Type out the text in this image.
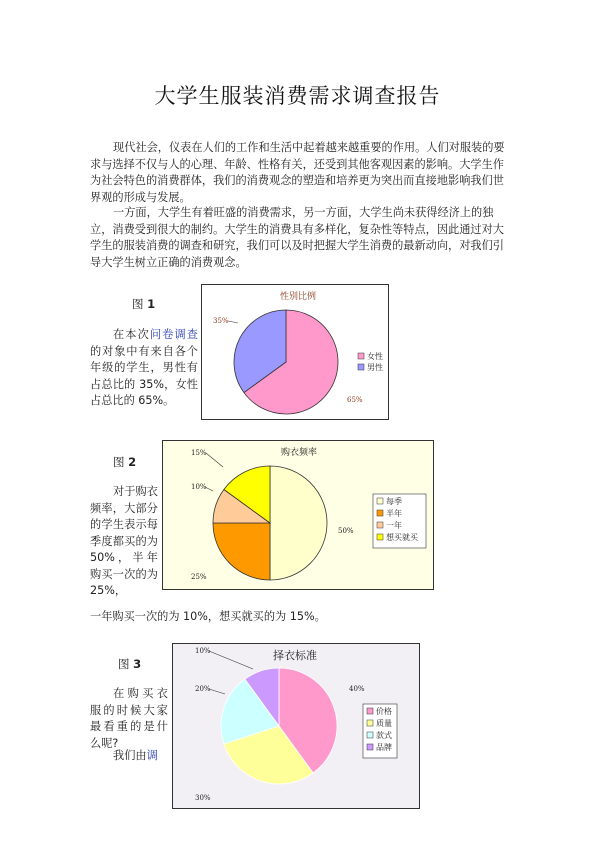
大学生服装消费需求调查报告

现代社会，仪表在人们的工作和生活中起着越来越重要的作用。人们对服装的要求与选择不仅与人的心理、年龄、性格有关，还受到其他客观因素的影响。大学生作为社会特色的消费群体，我们的消费观念的塑造和培养更为突出而直接地影响我们世界观的形成与发展。

一方面，大学生有着旺盛的消费需求，另一方面，大学生尚未获得经济上的独立，消费受到很大的制约。大学生的消费具有多样化，复杂性等特点，因此通过对大学生的服装消费的调查和研究，我们可以及时把握大学生消费的最新动向，对我们引导大学生树立正确的消费观念。

图 1

在本次问卷调查的对象中有来自各个年级的学生，男性有占总比的 35%，女性占总比的 65%。

性别比例
65%
35%
女性
男性
图 2

对于购衣频率，大部分的学生表示每季度都买的为 50%，半年购买一次的为 25%，

购衣频率
50%
25%
10%
15%
每季
半年
一年
想买就买
一年购买一次的为 10%，想买就买的为 15%。
图 3

在购买衣服的时候大家最看重的是什么呢?

我们由调

择衣标准
40%
30%
20%
10%
价格
质量
款式
品牌
